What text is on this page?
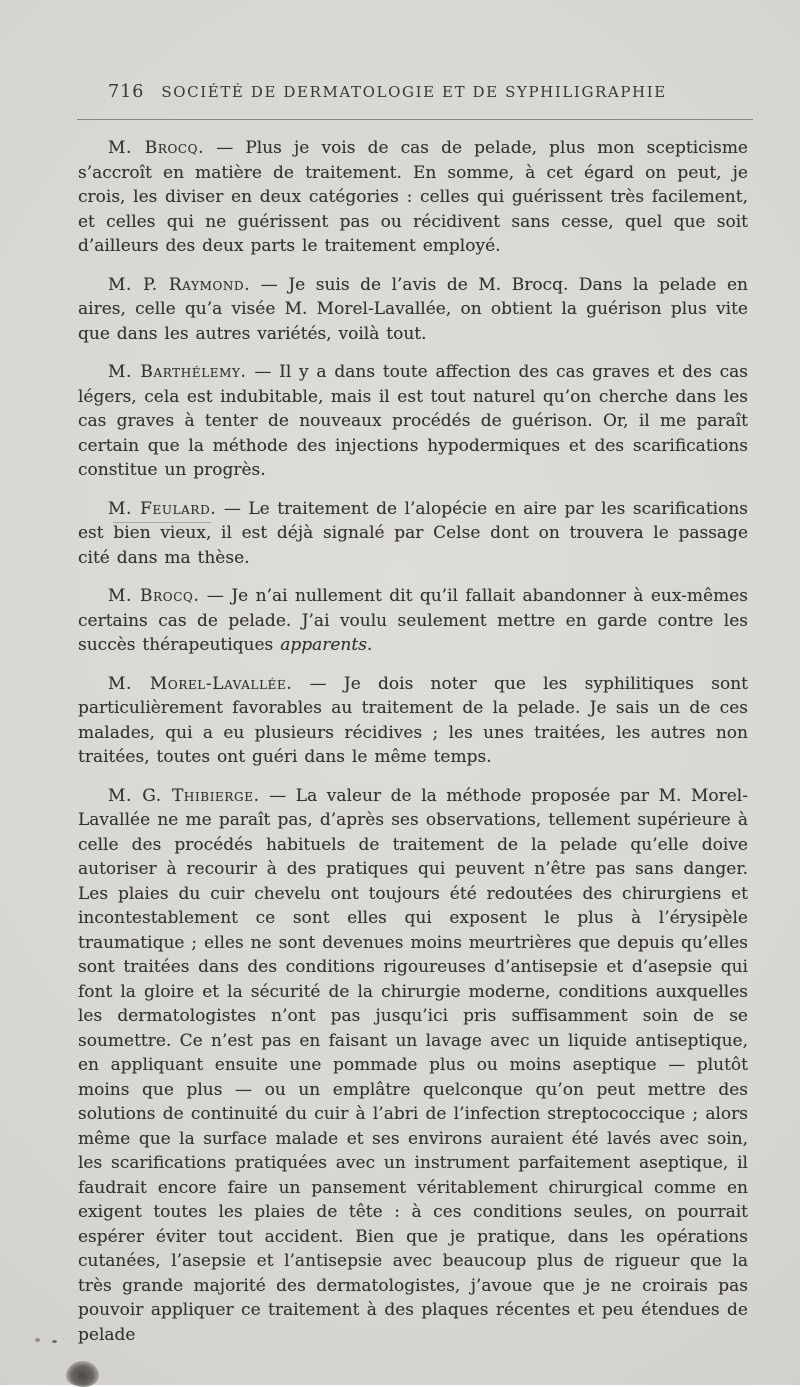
716 SOCIÉTÉ DE DERMATOLOGIE ET DE SYPHILIGRAPHIE

M. Brocq. — Plus je vois de cas de pelade, plus mon scepticisme s’accroît en matière de traitement. En somme, à cet égard on peut, je crois, les diviser en deux catégories : celles qui guérissent très facilement, et celles qui ne guérissent pas ou récidivent sans cesse, quel que soit d’ailleurs des deux parts le traitement employé.

M. P. Raymond. — Je suis de l’avis de M. Brocq. Dans la pelade en aires, celle qu’a visée M. Morel-Lavallée, on obtient la guérison plus vite que dans les autres variétés, voilà tout.

M. Barthélemy. — Il y a dans toute affection des cas graves et des cas légers, cela est indubitable, mais il est tout naturel qu’on cherche dans les cas graves à tenter de nouveaux procédés de guérison. Or, il me paraît certain que la méthode des injections hypodermiques et des scarifications constitue un progrès.

M. Feulard. — Le traitement de l’alopécie en aire par les scarifications est bien vieux, il est déjà signalé par Celse dont on trouvera le passage cité dans ma thèse.

M. Brocq. — Je n’ai nullement dit qu’il fallait abandonner à eux-mêmes certains cas de pelade. J’ai voulu seulement mettre en garde contre les succès thérapeutiques apparents.

M. Morel-Lavallée. — Je dois noter que les syphilitiques sont particulièrement favorables au traitement de la pelade. Je sais un de ces malades, qui a eu plusieurs récidives ; les unes traitées, les autres non traitées, toutes ont guéri dans le même temps.

M. G. Thibierge. — La valeur de la méthode proposée par M. Morel-Lavallée ne me paraît pas, d’après ses observations, tellement supérieure à celle des procédés habituels de traitement de la pelade qu’elle doive autoriser à recourir à des pratiques qui peuvent n’être pas sans danger. Les plaies du cuir chevelu ont toujours été redoutées des chirurgiens et incontestablement ce sont elles qui exposent le plus à l’érysipèle traumatique ; elles ne sont devenues moins meurtrières que depuis qu’elles sont traitées dans des conditions rigoureuses d’antisepsie et d’asepsie qui font la gloire et la sécurité de la chirurgie moderne, conditions auxquelles les dermatologistes n’ont pas jusqu’ici pris suffisamment soin de se soumettre. Ce n’est pas en faisant un lavage avec un liquide antiseptique, en appliquant ensuite une pommade plus ou moins aseptique — plutôt moins que plus — ou un emplâtre quelconque qu’on peut mettre des solutions de continuité du cuir à l’abri de l’infection streptococcique ; alors même que la surface malade et ses environs auraient été lavés avec soin, les scarifications pratiquées avec un instrument parfaitement aseptique, il faudrait encore faire un pansement véritablement chirurgical comme en exigent toutes les plaies de tête : à ces conditions seules, on pourrait espérer éviter tout accident. Bien que je pratique, dans les opérations cutanées, l’asepsie et l’antisepsie avec beaucoup plus de rigueur que la très grande majorité des dermatologistes, j’avoue que je ne croirais pas pouvoir appliquer ce traitement à des plaques récentes et peu étendues de pelade
